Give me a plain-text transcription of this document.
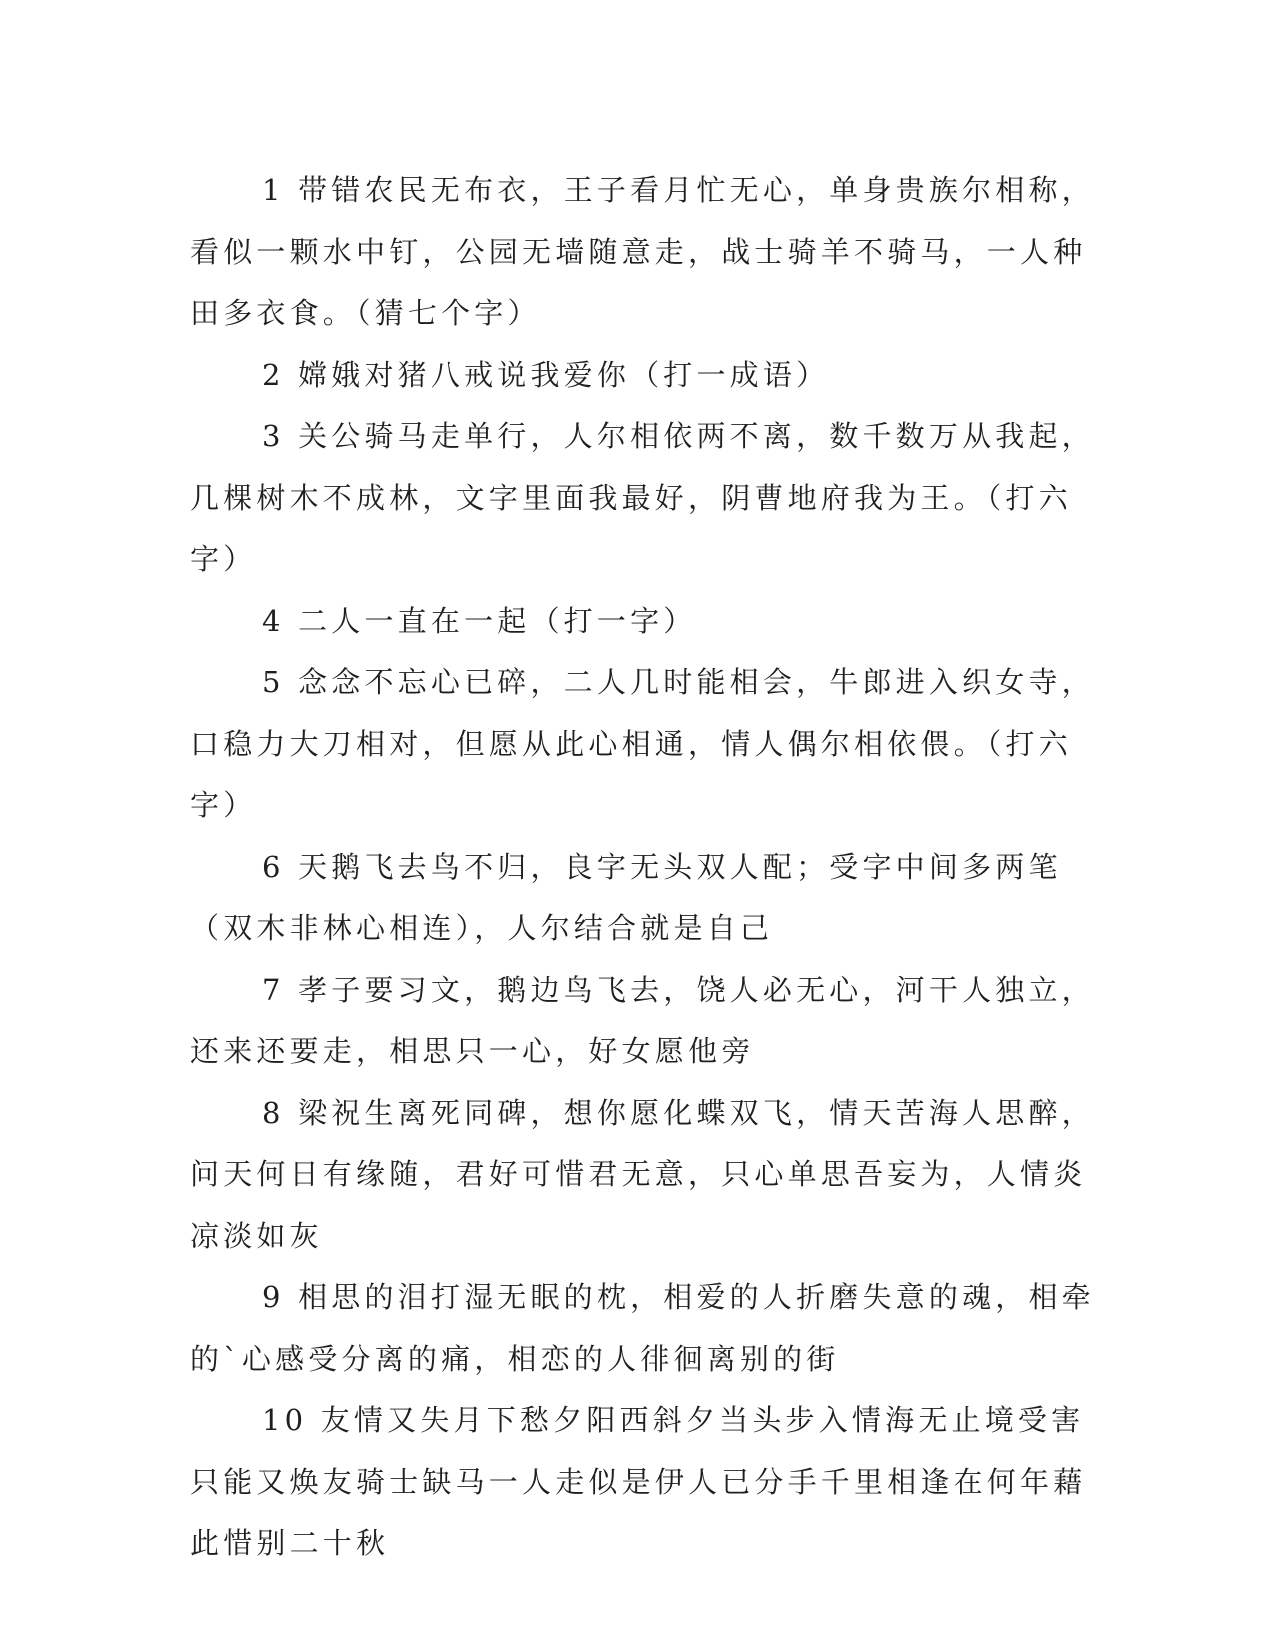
1 带错农民无布衣，王子看月忙无心，单身贵族尔相称，看似一颗水中钉，公园无墙随意走，战士骑羊不骑马，一人种田多衣食。（猜七个字）

2 嫦娥对猪八戒说我爱你（打一成语）

3 关公骑马走单行，人尔相依两不离，数千数万从我起，几棵树木不成林，文字里面我最好，阴曹地府我为王。（打六字）

4 二人一直在一起（打一字）

5 念念不忘心已碎，二人几时能相会，牛郎进入织女寺，口稳力大刀相对，但愿从此心相通，情人偶尔相依偎。（打六字）

6 天鹅飞去鸟不归，良字无头双人配；受字中间多两笔（双木非林心相连），人尔结合就是自己

7 孝子要习文，鹅边鸟飞去，饶人必无心，河干人独立，还来还要走，相思只一心，好女愿他旁

8 梁祝生离死同碑，想你愿化蝶双飞，情天苦海人思醉，问天何日有缘随，君好可惜君无意，只心单思吾妄为，人情炎凉淡如灰

9 相思的泪打湿无眠的枕，相爱的人折磨失意的魂，相牵的`心感受分离的痛，相恋的人徘徊离别的街

10 友情又失月下愁夕阳西斜夕当头步入情海无止境受害只能又焕友骑士缺马一人走似是伊人已分手千里相逢在何年藉此惜别二十秋
